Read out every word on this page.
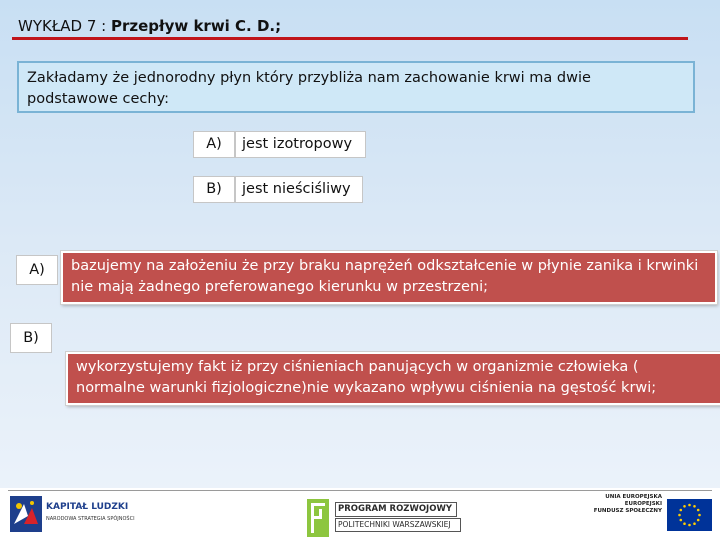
WYKŁAD 7 : Przepływ krwi C. D.;
Zakładamy że jednorodny płyn który przybliża nam zachowanie krwi ma dwie podstawowe cechy:
A)	jest izotropowy
B)	jest nieściśliwy
A)	bazujemy na założeniu że przy braku naprężeń odkształcenie w płynie zanika i krwinki nie mają żadnego preferowanego kierunku w przestrzeni;
B)
wykorzystujemy fakt iż przy ciśnieniach panujących w organizmie człowieka ( normalne warunki fizjologiczne)nie wykazano wpływu ciśnienia na gęstość krwi;
KAPITAŁ LUDZKI
NARODOWA STRATEGIA SPÓJNOŚCI
PROGRAM ROZWOJOWY
POLITECHNIKI WARSZAWSKIEJ
UNIA EUROPEJSKA
EUROPEJSKI
FUNDUSZ SPOŁECZNY
